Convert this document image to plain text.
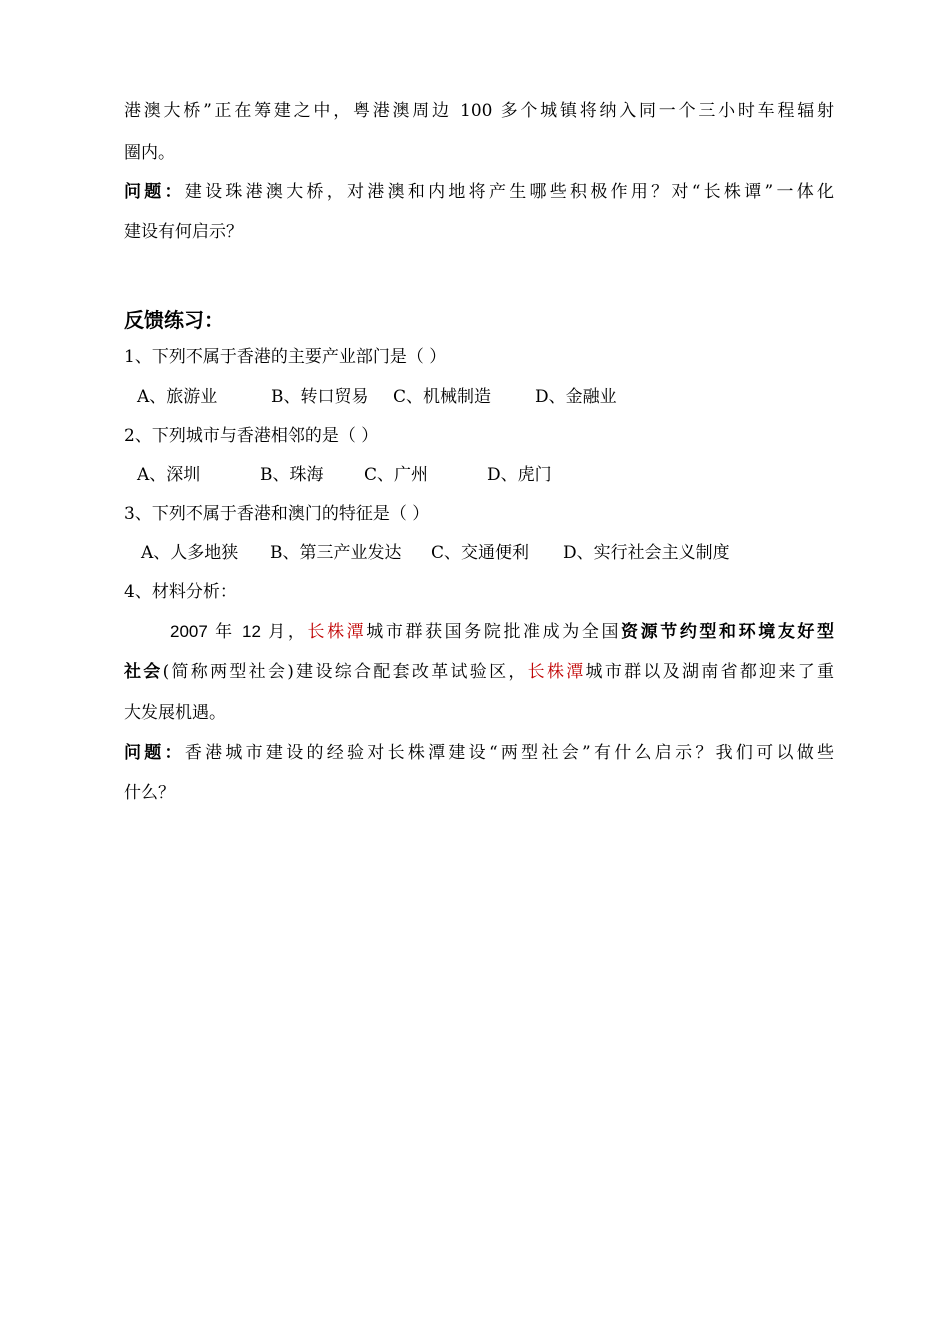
港澳大桥”正在筹建之中，粤港澳周边 100 多个城镇将纳入同一个三小时车程辐射
圈内。
问题：建设珠港澳大桥，对港澳和内地将产生哪些积极作用？对“长株谭”一体化
建设有何启示？
反馈练习：
1、下列不属于香港的主要产业部门是（ ）
A、旅游业	B、转口贸易 C、机械制造	D、金融业
2、下列城市与香港相邻的是（ ）
A、深圳	B、珠海 C、广州	D、虎门
3、下列不属于香港和澳门的特征是（ ）
A、人多地狭 B、第三产业发达 C、交通便利 D、实行社会主义制度
4、材料分析：
2007 年 12 月，长株潭城市群获国务院批准成为全国资源节约型和环境友好型
社会(简称两型社会)建设综合配套改革试验区，长株潭城市群以及湖南省都迎来了重
大发展机遇。
问题：香港城市建设的经验对长株潭建设“两型社会”有什么启示？我们可以做些
什么？
